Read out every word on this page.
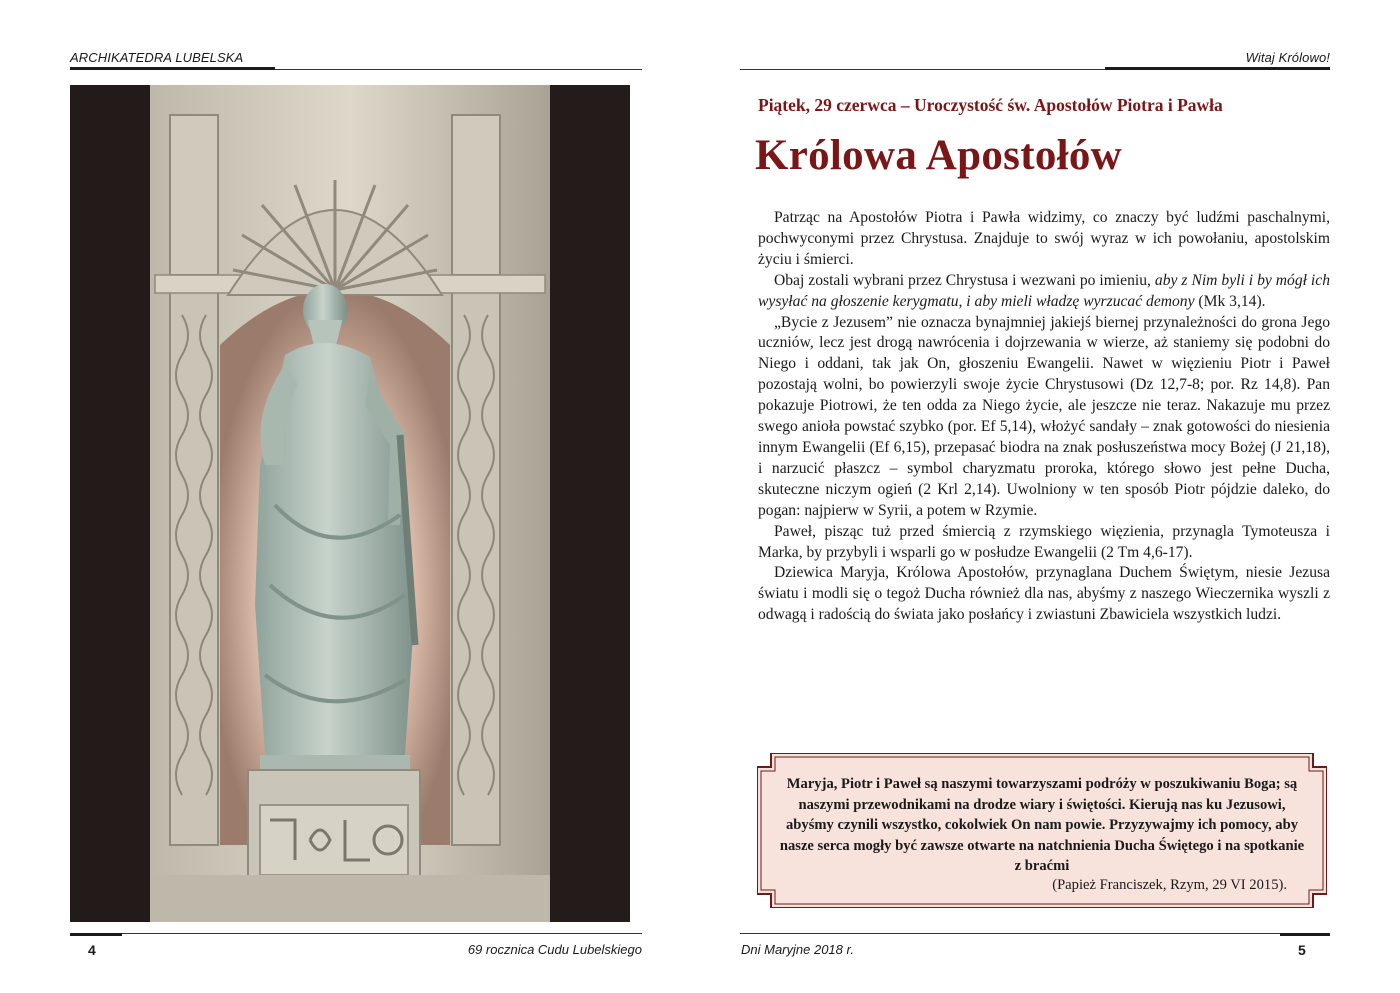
ARCHIKATEDRA LUBELSKA
4	69 rocznica Cudu Lubelskiego
Witaj Królowo!
Piątek, 29 czerwca – Uroczystość św. Apostołów Piotra i Pawła
Królowa Apostołów

Patrząc na Apostołów Piotra i Pawła widzimy, co znaczy być ludźmi paschalnymi, pochwyconymi przez Chrystusa. Znajduje to swój wyraz w ich powołaniu, apostolskim życiu i śmierci.

Obaj zostali wybrani przez Chrystusa i wezwani po imieniu, aby z Nim byli i by mógł ich wysyłać na głoszenie kerygmatu, i aby mieli władzę wyrzucać demony (Mk 3,14).

„Bycie z Jezusem” nie oznacza bynajmniej jakiejś biernej przynależności do grona Jego uczniów, lecz jest drogą nawrócenia i dojrzewania w wierze, aż staniemy się podobni do Niego i oddani, tak jak On, głoszeniu Ewangelii. Nawet w więzieniu Piotr i Paweł pozostają wolni, bo powierzyli swoje życie Chrystusowi (Dz 12,7-8; por. Rz 14,8). Pan pokazuje Piotrowi, że ten odda za Niego życie, ale jeszcze nie teraz. Nakazuje mu przez swego anioła powstać szybko (por. Ef 5,14), włożyć sandały – znak gotowości do niesienia innym Ewangelii (Ef 6,15), przepasać biodra na znak posłuszeństwa mocy Bożej (J 21,18), i narzucić płaszcz – symbol charyzmatu proroka, którego słowo jest pełne Ducha, skuteczne niczym ogień (2 Krl 2,14). Uwolniony w ten sposób Piotr pójdzie daleko, do pogan: najpierw w Syrii, a potem w Rzymie.

Paweł, pisząc tuż przed śmiercią z rzymskiego więzienia, przynagla Tymoteusza i Marka, by przybyli i wsparli go w posłudze Ewangelii (2 Tm 4,6-17).

Dziewica Maryja, Królowa Apostołów, przynaglana Duchem Świętym, niesie Jezusa światu i modli się o tegoż Ducha również dla nas, abyśmy z naszego Wieczernika wyszli z odwagą i radością do świata jako posłańcy i zwiastuni Zbawiciela wszystkich ludzi.

Maryja, Piotr i Paweł są naszymi towarzyszami podróży w poszukiwaniu Boga; są naszymi przewodnikami na drodze wiary i świętości. Kierują nas ku Jezusowi, abyśmy czynili wszystko, cokolwiek On nam powie. Przyzywajmy ich pomocy, aby nasze serca mogły być zawsze otwarte na natchnienia Ducha Świętego i na spotkanie z braćmi
(Papież Franciszek, Rzym, 29 VI 2015).
Dni Maryjne 2018 r.	5
